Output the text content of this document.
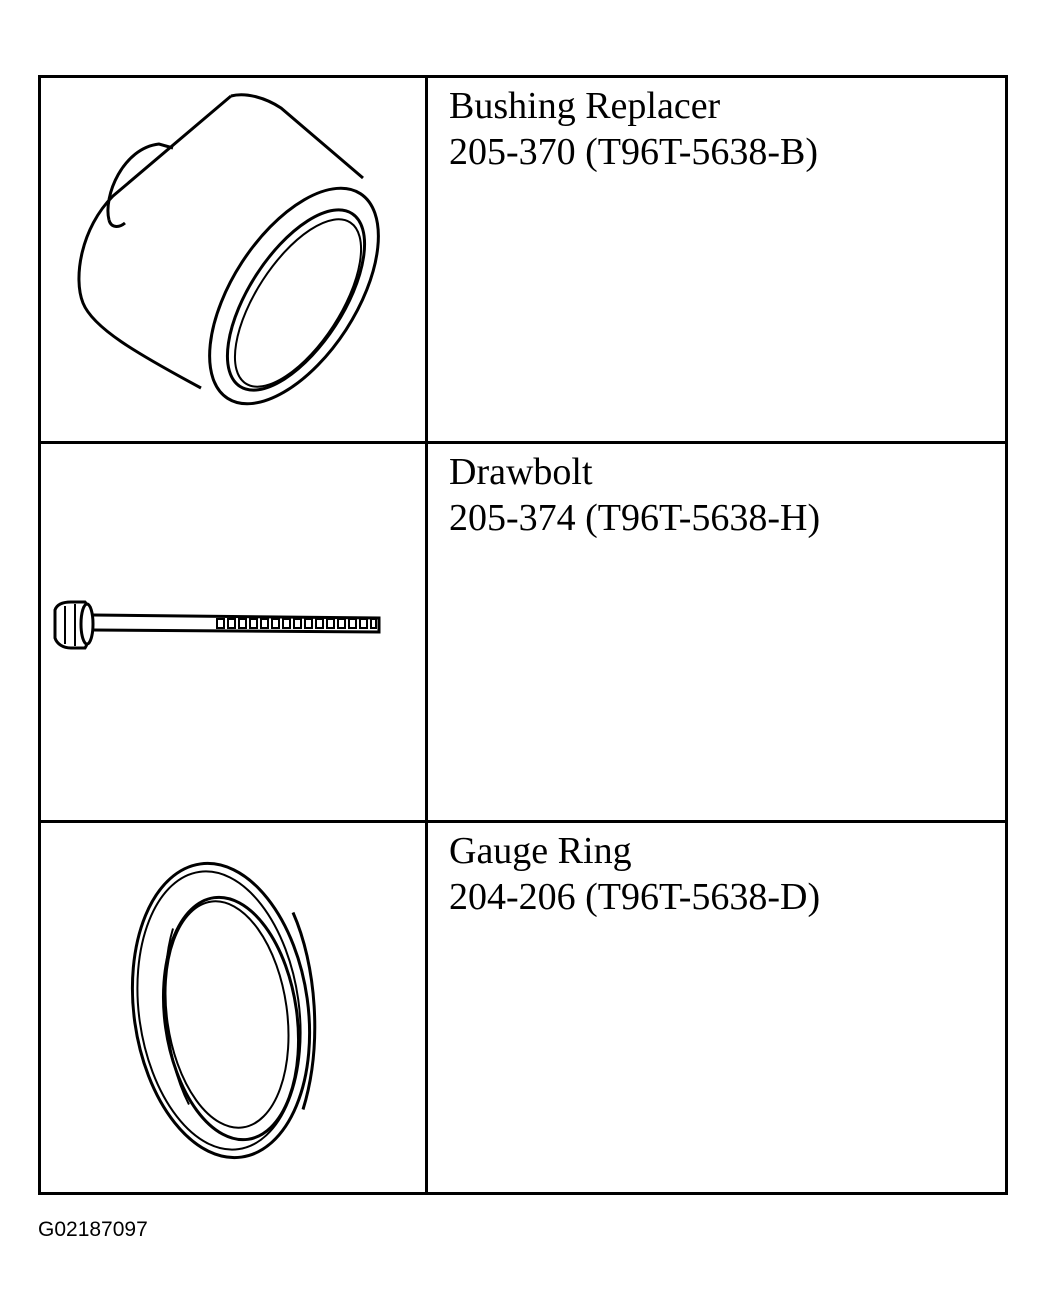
Bushing Replacer
205-370 (T96T-5638-B)
Drawbolt
205-374 (T96T-5638-H)
Gauge Ring
204-206 (T96T-5638-D)
G02187097
